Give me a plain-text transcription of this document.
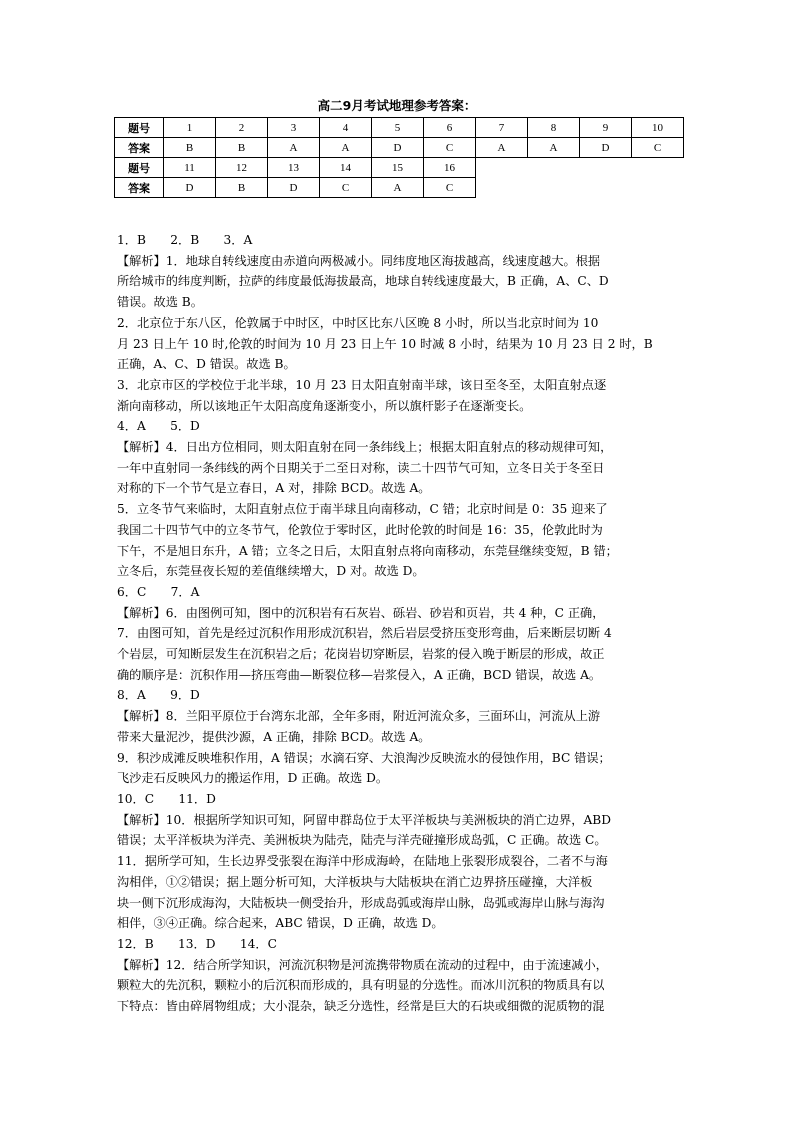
高二9月考试地理参考答案：
题号	1	2	3	4	5	6	7	8	9	10
答案	B	B	A	A	D	C	A	A	D	C
题号	11	12	13	14	15	16				
答案	D	B	D	C	A	C				

1．B　　2．B　　3．A

【解析】1．地球自转线速度由赤道向两极减小。同纬度地区海拔越高，线速度越大。根据

所给城市的纬度判断，拉萨的纬度最低海拔最高，地球自转线速度最大，B 正确，A、C、D

错误。故选 B。

2．北京位于东八区，伦敦属于中时区，中时区比东八区晚 8 小时，所以当北京时间为 10

月 23 日上午 10 时,伦敦的时间为 10 月 23 日上午 10 时减 8 小时，结果为 10 月 23 日 2 时，B

正确，A、C、D 错误。故选 B。

3．北京市区的学校位于北半球，10 月 23 日太阳直射南半球，该日至冬至，太阳直射点逐

渐向南移动，所以该地正午太阳高度角逐渐变小，所以旗杆影子在逐渐变长。

4．A　　5．D

【解析】4．日出方位相同，则太阳直射在同一条纬线上；根据太阳直射点的移动规律可知，

一年中直射同一条纬线的两个日期关于二至日对称，读二十四节气可知，立冬日关于冬至日

对称的下一个节气是立春日，A 对，排除 BCD。故选 A。

5．立冬节气来临时，太阳直射点位于南半球且向南移动，C 错；北京时间是 0：35 迎来了

我国二十四节气中的立冬节气，伦敦位于零时区，此时伦敦的时间是 16：35，伦敦此时为

下午，不是旭日东升，A 错；立冬之日后，太阳直射点将向南移动，东莞昼继续变短，B 错；

立冬后，东莞昼夜长短的差值继续增大，D 对。故选 D。

6．C　　7．A

【解析】6．由图例可知，图中的沉积岩有石灰岩、砾岩、砂岩和页岩，共 4 种，C 正确，

7．由图可知，首先是经过沉积作用形成沉积岩，然后岩层受挤压变形弯曲，后来断层切断 4

个岩层，可知断层发生在沉积岩之后；花岗岩切穿断层，岩浆的侵入晚于断层的形成，故正

确的顺序是：沉积作用—挤压弯曲—断裂位移—岩浆侵入，A 正确，BCD 错误，故选 A。

8．A　　9．D

【解析】8．兰阳平原位于台湾东北部，全年多雨，附近河流众多，三面环山，河流从上游

带来大量泥沙，提供沙源，A 正确，排除 BCD。故选 A。

9．积沙成滩反映堆积作用，A 错误；水滴石穿、大浪淘沙反映流水的侵蚀作用，BC 错误；

飞沙走石反映风力的搬运作用，D 正确。故选 D。

10．C　　11．D

【解析】10．根据所学知识可知，阿留申群岛位于太平洋板块与美洲板块的消亡边界，ABD

错误；太平洋板块为洋壳、美洲板块为陆壳，陆壳与洋壳碰撞形成岛弧，C 正确。故选 C。

11．据所学可知，生长边界受张裂在海洋中形成海岭，在陆地上张裂形成裂谷，二者不与海

沟相伴，①②错误；据上题分析可知，大洋板块与大陆板块在消亡边界挤压碰撞，大洋板

块一侧下沉形成海沟，大陆板块一侧受抬升，形成岛弧或海岸山脉，岛弧或海岸山脉与海沟

相伴，③④正确。综合起来，ABC 错误，D 正确，故选 D。

12．B　　13．D　　14．C

【解析】12．结合所学知识，河流沉积物是河流携带物质在流动的过程中，由于流速减小，

颗粒大的先沉积，颗粒小的后沉积而形成的，具有明显的分选性。而冰川沉积的物质具有以

下特点：皆由碎屑物组成；大小混杂，缺乏分选性，经常是巨大的石块或细微的泥质物的混
